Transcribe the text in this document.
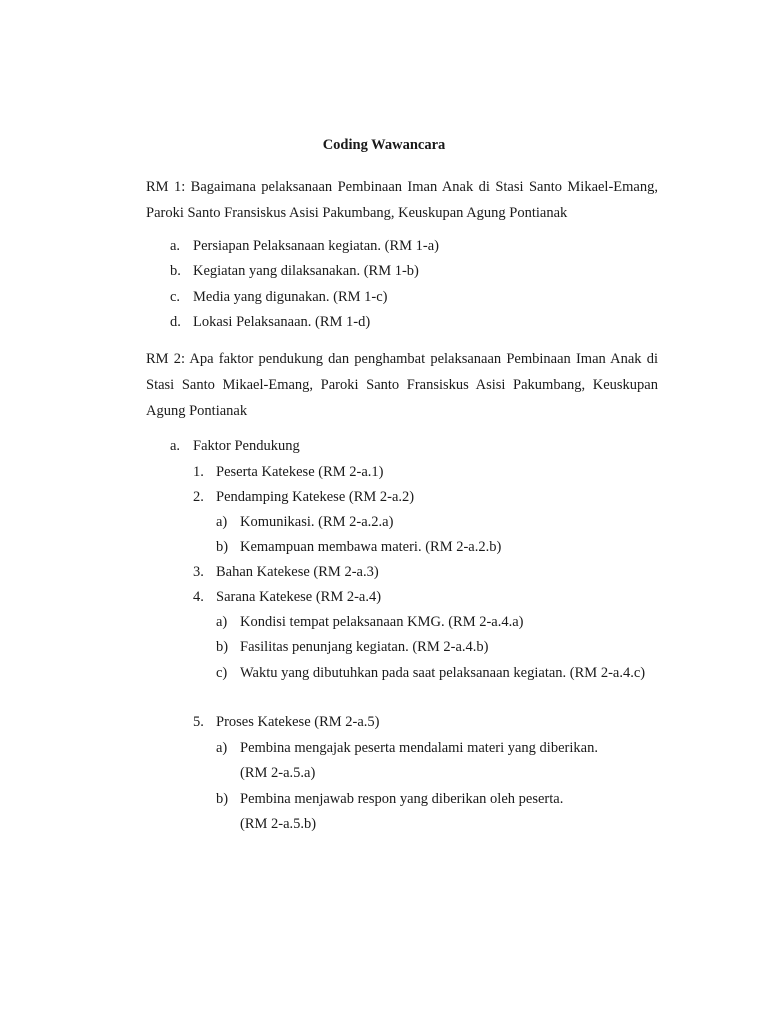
Coding Wawancara
RM 1: Bagaimana pelaksanaan Pembinaan Iman Anak di Stasi Santo Mikael-Emang, Paroki Santo Fransiskus Asisi Pakumbang, Keuskupan Agung Pontianak
a. Persiapan Pelaksanaan kegiatan. (RM 1-a)
b. Kegiatan yang dilaksanakan. (RM 1-b)
c. Media yang digunakan. (RM 1-c)
d. Lokasi Pelaksanaan. (RM 1-d)
RM 2: Apa faktor pendukung dan penghambat pelaksanaan Pembinaan Iman Anak di Stasi Santo Mikael-Emang, Paroki Santo Fransiskus Asisi Pakumbang, Keuskupan Agung Pontianak
a. Faktor Pendukung
1. Peserta Katekese (RM 2-a.1)
2. Pendamping Katekese (RM 2-a.2)
a) Komunikasi. (RM 2-a.2.a)
b) Kemampuan membawa materi. (RM 2-a.2.b)
3. Bahan Katekese (RM 2-a.3)
4. Sarana Katekese (RM 2-a.4)
a) Kondisi tempat pelaksanaan KMG. (RM 2-a.4.a)
b) Fasilitas penunjang kegiatan. (RM 2-a.4.b)
c) Waktu yang dibutuhkan pada saat pelaksanaan kegiatan. (RM 2-a.4.c)
5. Proses Katekese (RM 2-a.5)
a) Pembina mengajak peserta mendalami materi yang diberikan.
(RM 2-a.5.a)
b) Pembina menjawab respon yang diberikan oleh peserta.
(RM 2-a.5.b)
